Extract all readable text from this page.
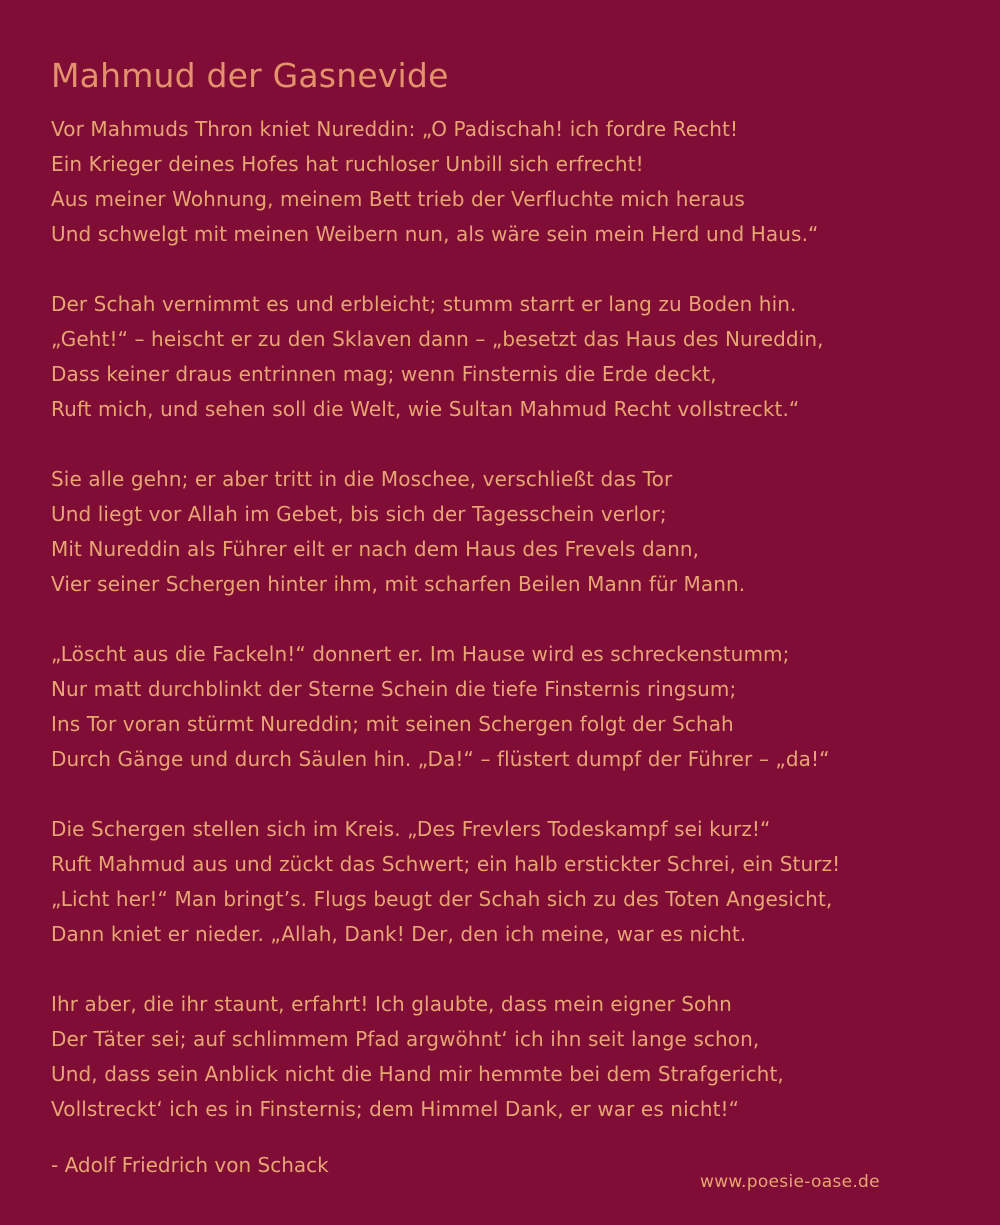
Mahmud der Gasnevide
Vor Mahmuds Thron kniet Nureddin: „O Padischah! ich fordre Recht!
Ein Krieger deines Hofes hat ruchloser Unbill sich erfrecht!
Aus meiner Wohnung, meinem Bett trieb der Verfluchte mich heraus
Und schwelgt mit meinen Weibern nun, als wäre sein mein Herd und Haus.“
Der Schah vernimmt es und erbleicht; stumm starrt er lang zu Boden hin.
„Geht!“ – heischt er zu den Sklaven dann – „besetzt das Haus des Nureddin,
Dass keiner draus entrinnen mag; wenn Finsternis die Erde deckt,
Ruft mich, und sehen soll die Welt, wie Sultan Mahmud Recht vollstreckt.“
Sie alle gehn; er aber tritt in die Moschee, verschließt das Tor
Und liegt vor Allah im Gebet, bis sich der Tagesschein verlor;
Mit Nureddin als Führer eilt er nach dem Haus des Frevels dann,
Vier seiner Schergen hinter ihm, mit scharfen Beilen Mann für Mann.
„Löscht aus die Fackeln!“ donnert er. Im Hause wird es schreckenstumm;
Nur matt durchblinkt der Sterne Schein die tiefe Finsternis ringsum;
Ins Tor voran stürmt Nureddin; mit seinen Schergen folgt der Schah
Durch Gänge und durch Säulen hin. „Da!“ – flüstert dumpf der Führer – „da!“
Die Schergen stellen sich im Kreis. „Des Frevlers Todeskampf sei kurz!“
Ruft Mahmud aus und zückt das Schwert; ein halb erstickter Schrei, ein Sturz!
„Licht her!“ Man bringt’s. Flugs beugt der Schah sich zu des Toten Angesicht,
Dann kniet er nieder. „Allah, Dank! Der, den ich meine, war es nicht.
Ihr aber, die ihr staunt, erfahrt! Ich glaubte, dass mein eigner Sohn
Der Täter sei; auf schlimmem Pfad argwöhnt‘ ich ihn seit lange schon,
Und, dass sein Anblick nicht die Hand mir hemmte bei dem Strafgericht,
Vollstreckt‘ ich es in Finsternis; dem Himmel Dank, er war es nicht!“
- Adolf Friedrich von Schack
www.poesie-oase.de
